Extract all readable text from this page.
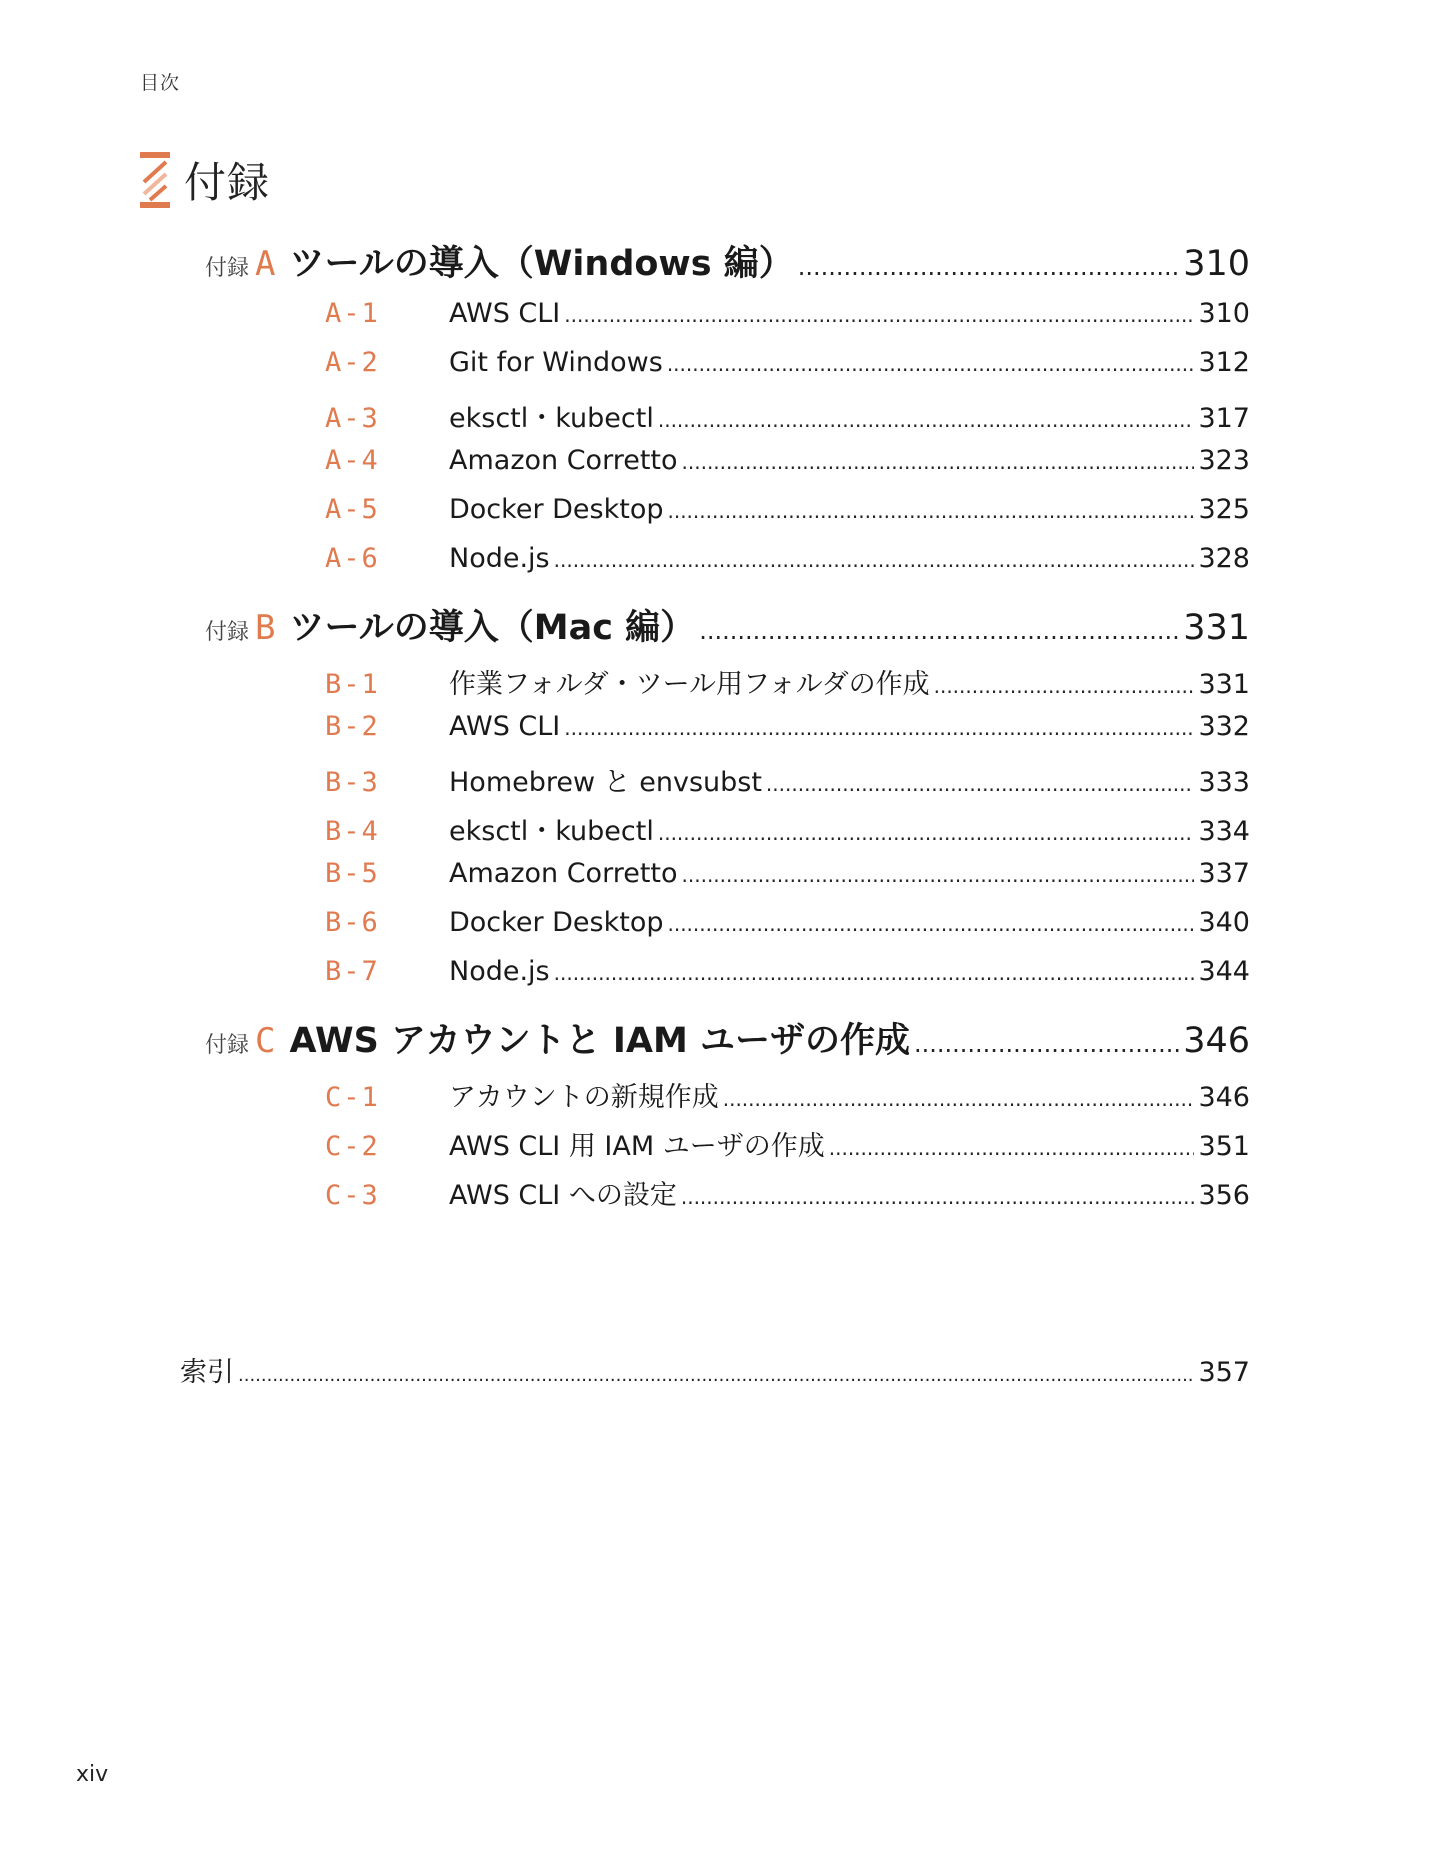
目次
付録
付録 A ツールの導入（Windows 編） .....	310
A-1	AWS CLI .....	310
A-2	Git for Windows .....	312
A-3	eksctl・kubectl .....	317
A-4	Amazon Corretto .....	323
A-5	Docker Desktop .....	325
A-6	Node.js .....	328
付録 B ツールの導入（Mac 編） .....	331
B-1	作業フォルダ・ツール用フォルダの作成 .....	331
B-2	AWS CLI .....	332
B-3	Homebrew と envsubst .....	333
B-4	eksctl・kubectl .....	334
B-5	Amazon Corretto .....	337
B-6	Docker Desktop .....	340
B-7	Node.js .....	344
付録 C AWS アカウントと IAM ユーザの作成 .....	346
C-1	アカウントの新規作成 .....	346
C-2	AWS CLI 用 IAM ユーザの作成 .....	351
C-3	AWS CLI への設定 .....	356
索引 .....	357
xiv
